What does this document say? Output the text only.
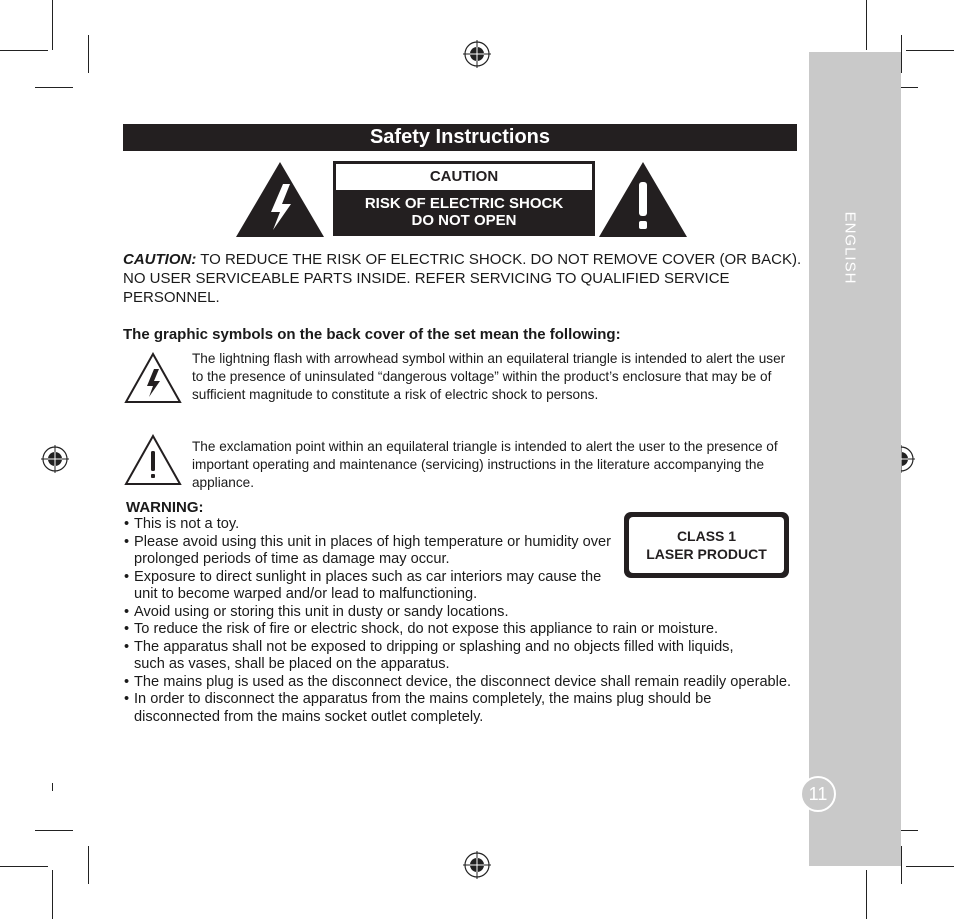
ENGLISH
11
Safety Instructions
CAUTION
RISK OF ELECTRIC SHOCK
DO NOT OPEN
CAUTION: TO REDUCE THE RISK OF ELECTRIC SHOCK. DO NOT REMOVE COVER (OR BACK). NO USER SERVICEABLE PARTS INSIDE. REFER SERVICING TO QUALIFIED SERVICE PERSONNEL.
The graphic symbols on the back cover of the set mean the following:
The lightning flash with arrowhead symbol within an equilateral triangle is intended to alert the user to the presence of uninsulated “dangerous voltage” within the product’s enclosure that may be of sufficient magnitude to constitute a risk of electric shock to persons.
The exclamation point within an equilateral triangle is intended to alert the user to the presence of important operating and maintenance (servicing) instructions in the literature accompanying the appliance.
WARNING:
• This is not a toy.
• Please avoid using this unit in places of high temperature or humidity over prolonged periods of time as damage may occur.
• Exposure to direct sunlight in places such as car interiors may cause the unit to become warped and/or lead to malfunctioning.
• Avoid using or storing this unit in dusty or sandy locations.
• To reduce the risk of fire or electric shock, do not expose this appliance to rain or moisture.
• The apparatus shall not be exposed to dripping or splashing and no objects filled with liquids, such as vases, shall be placed on the apparatus.
• The mains plug is used as the disconnect device, the disconnect device shall remain readily operable.
• In order to disconnect the apparatus from the mains completely, the mains plug should be disconnected from the mains socket outlet completely.
CLASS 1
LASER PRODUCT
